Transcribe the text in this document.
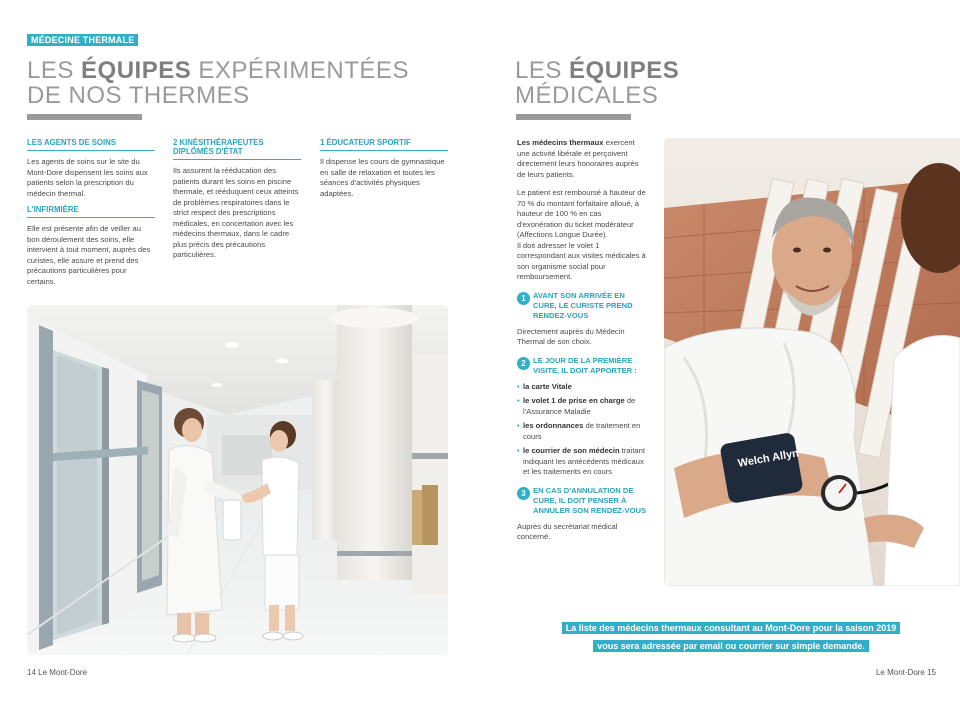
MÉDECINE THERMALE
LES ÉQUIPES EXPÉRIMENTÉES
DE NOS THERMES
LES AGENTS DE SOINS

Les agents de soins sur le site du Mont-Dore dispensent les soins aux patients selon la prescription du médecin thermal.

L'INFIRMIÈRE

Elle est présente afin de veiller au bon déroulement des soins, elle intervient à tout moment, auprès des curistes, elle assure et prend des précautions particulières pour certains.

2 KINÉSITHÉRAPEUTES DIPLÔMÉS D'ÉTAT

Ils assurent la rééducation des patients durant les soins en piscine thermale, et rééduquent ceux atteints de problèmes respiratoires dans le strict respect des prescriptions médicales, en concertation avec les médecins thermaux, dans le cadre plus précis des précautions particulières.

1 ÉDUCATEUR SPORTIF

Il dispense les cours de gymnastique en salle de relaxation et toutes les séances d'activités physiques adaptées.

14 Le Mont-Dore
LES ÉQUIPES
MÉDICALES

Les médecins thermaux exercent une activité libérale et perçoivent directement leurs honoraires auprès de leurs patients.

Le patient est remboursé à hauteur de 70 % du montant forfaitaire alloué, à hauteur de 100 % en cas d'exonération du ticket modérateur (Affections Longue Durée).

Il doit adresser le volet 1 correspondant aux visites médicales à son organisme social pour remboursement.

1 AVANT SON ARRIVÉE EN CURE, LE CURISTE PREND RENDEZ-VOUS

Directement auprès du Médecin Thermal de son choix.

2 LE JOUR DE LA PREMIÈRE VISITE, IL DOIT APPORTER :
• la carte Vitale
• le volet 1 de prise en charge de l'Assurance Maladie
• les ordonnances de traitement en cours
• le courrier de son médecin traitant indiquant les antécédents médicaux et les traitements en cours
3 EN CAS D'ANNULATION DE CURE, IL DOIT PENSER À ANNULER SON RENDEZ-VOUS

Auprès du secrétariat médical concerné.

Welch Allyn
La liste des médecins thermaux consultant au Mont-Dore pour la saison 2019
vous sera adressée par email ou courrier sur simple demande.
Le Mont-Dore 15
